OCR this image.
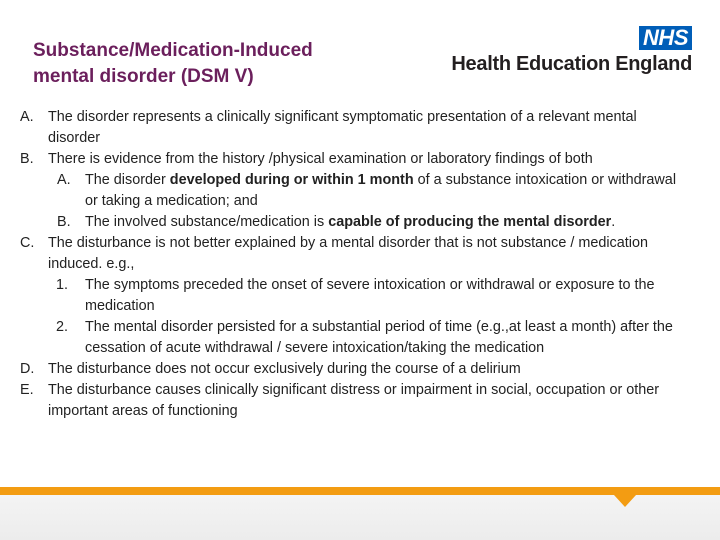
Substance/Medication-Induced
mental disorder (DSM V)
NHS
Health Education England
A. The disorder represents a clinically significant symptomatic presentation of a relevant mental disorder
B. There is evidence from the history /physical examination or laboratory findings of both
A. The disorder developed during or within 1 month of a substance intoxication or withdrawal or taking a medication; and
B. The involved substance/medication is capable of producing the mental disorder.
C. The disturbance is not better explained by a mental disorder that is not substance / medication induced. e.g.,
1. The symptoms preceded the onset of severe intoxication or withdrawal or exposure to the medication
2. The mental disorder persisted for a substantial period of time (e.g.,at least a month) after the cessation of acute withdrawal / severe intoxication/taking the medication
D. The disturbance does not occur exclusively during the course of a delirium
E. The disturbance causes clinically significant distress or impairment in social, occupation or other important areas of functioning
